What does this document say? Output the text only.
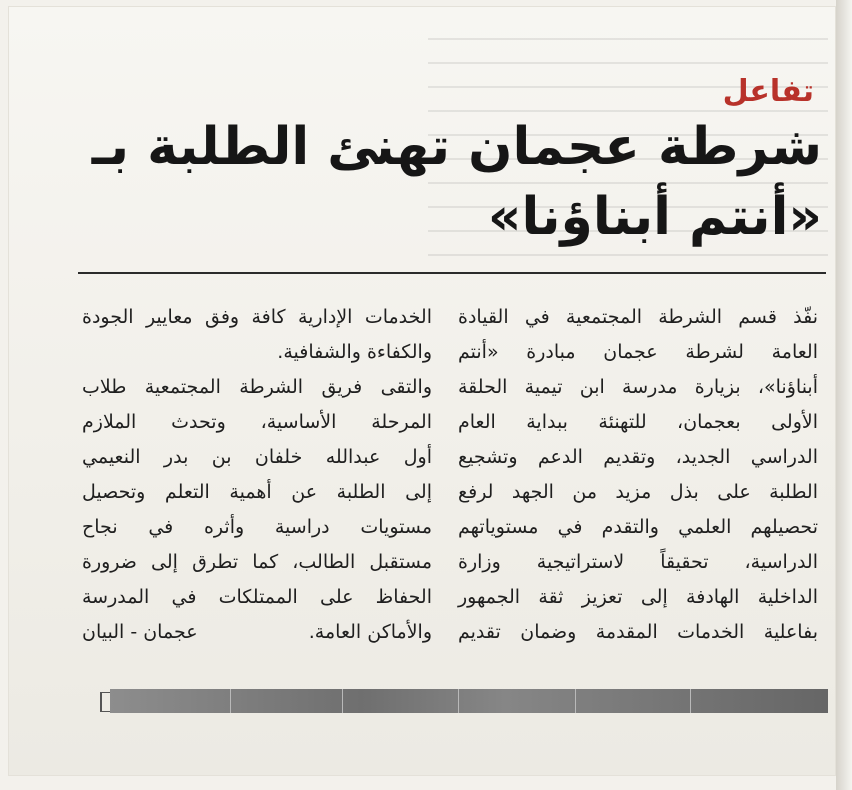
تفاعل
شرطة عجمان تهنئ الطلبة بـ «أنتم أبناؤنا»
نفّذ قسم الشرطة المجتمعية في القيادة
العامة لشرطة عجمان مبادرة «أنتم
أبناؤنا»، بزيارة مدرسة ابن تيمية الحلقة
الأولى بعجمان، للتهنئة ببداية العام
الدراسي الجديد، وتقديم الدعم وتشجيع
الطلبة على بذل مزيد من الجهد لرفع
تحصيلهم العلمي والتقدم في مستوياتهم
الدراسية، تحقيقاً لاستراتيجية وزارة
الداخلية الهادفة إلى تعزيز ثقة الجمهور
بفاعلية الخدمات المقدمة وضمان تقديم
الخدمات الإدارية كافة وفق معايير الجودة
والكفاءة والشفافية.
والتقى فريق الشرطة المجتمعية طلاب
المرحلة الأساسية، وتحدث الملازم
أول عبدالله خلفان بن بدر النعيمي
إلى الطلبة عن أهمية التعلم وتحصيل
مستويات دراسية وأثره في نجاح
مستقبل الطالب، كما تطرق إلى ضرورة
الحفاظ على الممتلكات في المدرسة
والأماكن العامة.
عجمان - البيان
